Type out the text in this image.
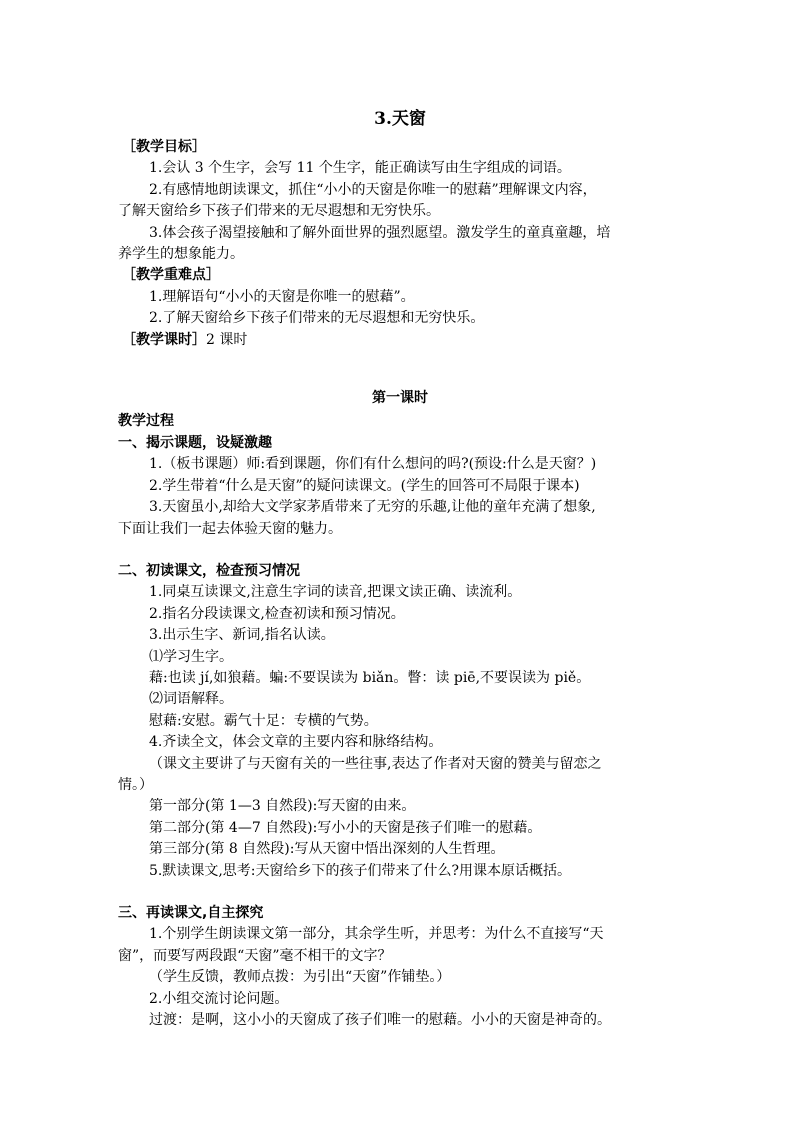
3.天窗

［教学目标］

1.会认 3 个生字，会写 11 个生字，能正确读写由生字组成的词语。

2.有感情地朗读课文，抓住“小小的天窗是你唯一的慰藉”理解课文内容，

了解天窗给乡下孩子们带来的无尽遐想和无穷快乐。

3.体会孩子渴望接触和了解外面世界的强烈愿望。激发学生的童真童趣，培

养学生的想象能力。

［教学重难点］

1.理解语句“小小的天窗是你唯一的慰藉”。

2.了解天窗给乡下孩子们带来的无尽遐想和无穷快乐。

［教学课时］2 课时

第一课时

教学过程

一、揭示课题，设疑激趣

1.（板书课题）师:看到课题，你们有什么想问的吗?(预设:什么是天窗？)

2.学生带着“什么是天窗”的疑问读课文。(学生的回答可不局限于课本)

3.天窗虽小,却给大文学家茅盾带来了无穷的乐趣,让他的童年充满了想象,

下面让我们一起去体验天窗的魅力。

二、初读课文，检查预习情况

1.同桌互读课文,注意生字词的读音,把课文读正确、读流利。

2.指名分段读课文,检查初读和预习情况。

3.出示生字、新词,指名认读。

⑴学习生字。

藉:也读 jí,如狼藉。蝙:不要误读为 biǎn。瞥：读 piē,不要误读为 piě。

⑵词语解释。

慰藉:安慰。霸气十足：专横的气势。

4.齐读全文，体会文章的主要内容和脉络结构。

（课文主要讲了与天窗有关的一些往事,表达了作者对天窗的赞美与留恋之

情。）

第一部分(第 1—3 自然段):写天窗的由来。

第二部分(第 4—7 自然段):写小小的天窗是孩子们唯一的慰藉。

第三部分(第 8 自然段):写从天窗中悟出深刻的人生哲理。

5.默读课文,思考:天窗给乡下的孩子们带来了什么?用课本原话概括。

三、再读课文,自主探究

1.个别学生朗读课文第一部分，其余学生听，并思考：为什么不直接写“天

窗”，而要写两段跟“天窗”毫不相干的文字？

（学生反馈，教师点拨：为引出“天窗”作铺垫。）

2.小组交流讨论问题。

过渡：是啊，这小小的天窗成了孩子们唯一的慰藉。小小的天窗是神奇的。
